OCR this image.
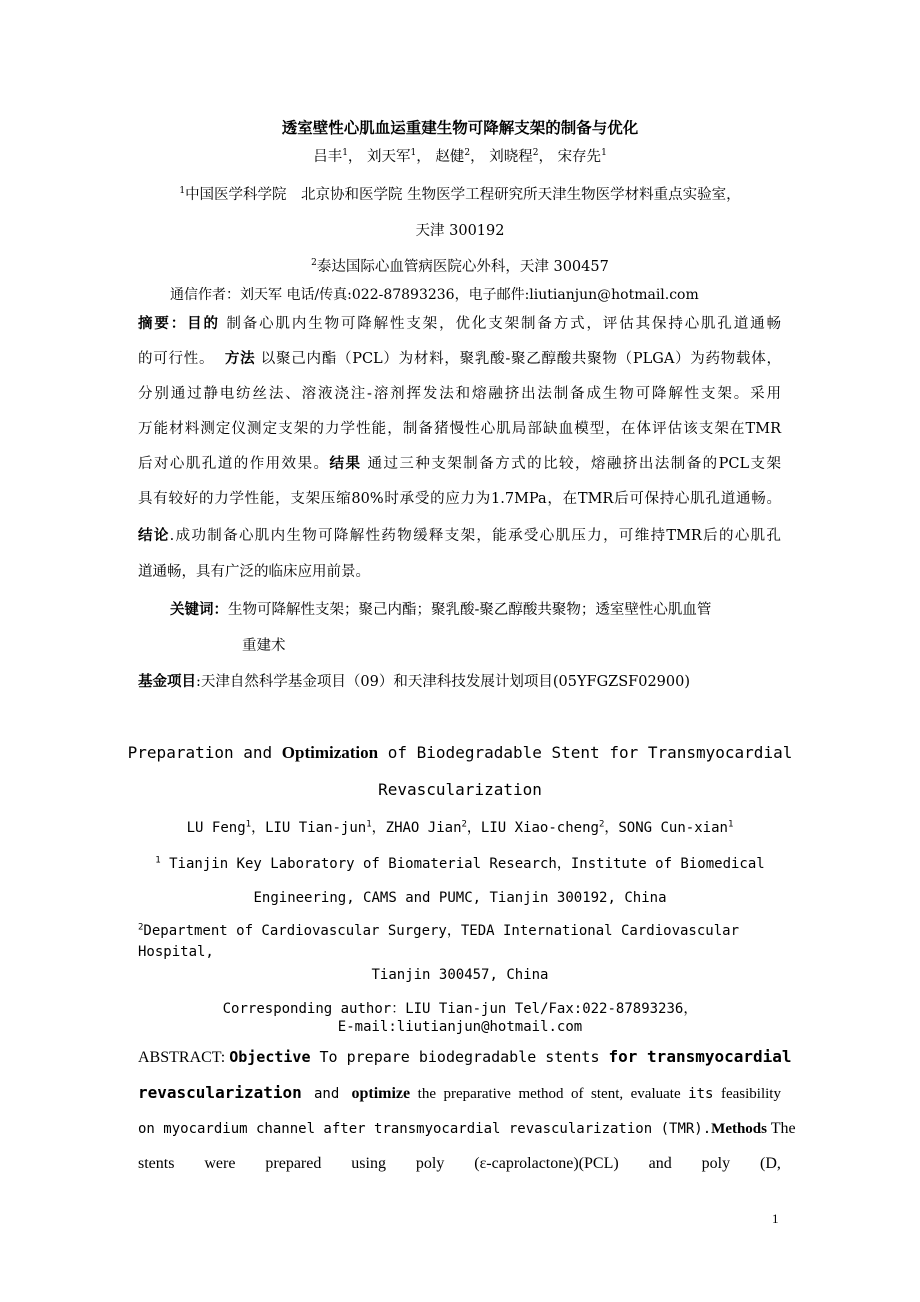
透室壁性心肌血运重建生物可降解支架的制备与优化
吕丰$^1$， 刘天军$^1$， 赵健$^2$， 刘晓程$^2$， 宋存先$^1$
$^1$中国医学科学院　北京协和医学院 生物医学工程研究所天津生物医学材料重点实验室，
天津 300192
$^2$泰达国际心血管病医院心外科，天津 300457
通信作者：刘天军 电话/传真:022-87893236，电子邮件:liutianjun@hotmail.com
摘要：目的 制备心肌内生物可降解性支架，优化支架制备方式，评估其保持心肌孔道通畅
的可行性。 方法 以聚己内酯（PCL）为材料，聚乳酸-聚乙醇酸共聚物（PLGA）为药物载体，
分别通过静电纺丝法、溶液浇注-溶剂挥发法和熔融挤出法制备成生物可降解性支架。采用
万能材料测定仪测定支架的力学性能，制备猪慢性心肌局部缺血模型，在体评估该支架在TMR
后对心肌孔道的作用效果。结果 通过三种支架制备方式的比较，熔融挤出法制备的PCL支架
具有较好的力学性能，支架压缩80%时承受的应力为1.7MPa，在TMR后可保持心肌孔道通畅。
结论.成功制备心肌内生物可降解性药物缓释支架，能承受心肌压力，可维持TMR后的心肌孔
道通畅，具有广泛的临床应用前景。
关键词：生物可降解性支架；聚己内酯；聚乳酸-聚乙醇酸共聚物；透室壁性心肌血管
重建术
基金项目:天津自然科学基金项目（09）和天津科技发展计划项目(05YFGZSF02900)
Preparation and Optimization of Biodegradable Stent for Transmyocardial
Revascularization
LU Feng$^1$，LIU Tian-jun$^1$，ZHAO Jian$^2$，LIU Xiao-cheng$^2$，SONG Cun-xian$^1$
$^1$ Tianjin Key Laboratory of Biomaterial Research，Institute of Biomedical
Engineering, CAMS and PUMC, Tianjin 300192, China
$^2$Department of Cardiovascular Surgery，TEDA International Cardiovascular
Hospital,
Tianjin 300457, China
Corresponding author：LIU Tian-jun Tel/Fax:022-87893236，
E-mail:liutianjun@hotmail.com
ABSTRACT: Objective To prepare biodegradable stents for transmyocardial
revascularization and optimize the preparative method of stent, evaluate its feasibility
on myocardium channel after transmyocardial revascularization (TMR).Methods The
stents were prepared using poly (ε-caprolactone)(PCL) and poly (D,
1
